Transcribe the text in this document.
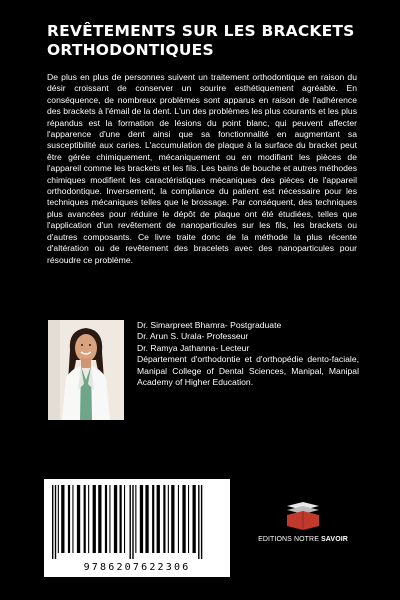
REVÊTEMENTS SUR LES BRACKETS ORTHODONTIQUES

De plus en plus de personnes suivent un traitement orthodontique en raison du désir croissant de conserver un sourire esthétiquement agréable. En conséquence, de nombreux problèmes sont apparus en raison de l'adhérence des brackets à l'émail de la dent. L'un des problèmes les plus courants et les plus répandus est la formation de lésions du point blanc, qui peuvent affecter l'apparence d'une dent ainsi que sa fonctionnalité en augmentant sa susceptibilité aux caries. L'accumulation de plaque à la surface du bracket peut être gérée chimiquement, mécaniquement ou en modifiant les pièces de l'appareil comme les brackets et les fils. Les bains de bouche et autres méthodes chimiques modifient les caractéristiques mécaniques des pièces de l'appareil orthodontique. Inversement, la compliance du patient est nécessaire pour les techniques mécaniques telles que le brossage. Par conséquent, des techniques plus avancées pour réduire le dépôt de plaque ont été étudiées, telles que l'application d'un revêtement de nanoparticules sur les fils, les brackets ou d'autres composants. Ce livre traite donc de la méthode la plus récente d'altération ou de revêtement des bracelets avec des nanoparticules pour résoudre ce problème.

Dr. Simarpreet Bhamra- Postgraduate
Dr. Arun S. Urala- Professeur
Dr. Ramya Jathanna- Lecteur
Département d'orthodontie et d'orthopédie dento-faciale, Manipal College of Dental Sciences, Manipal, Manipal Academy of Higher Education.
9786207622306
EDITIONS NOTRE SAVOIR
